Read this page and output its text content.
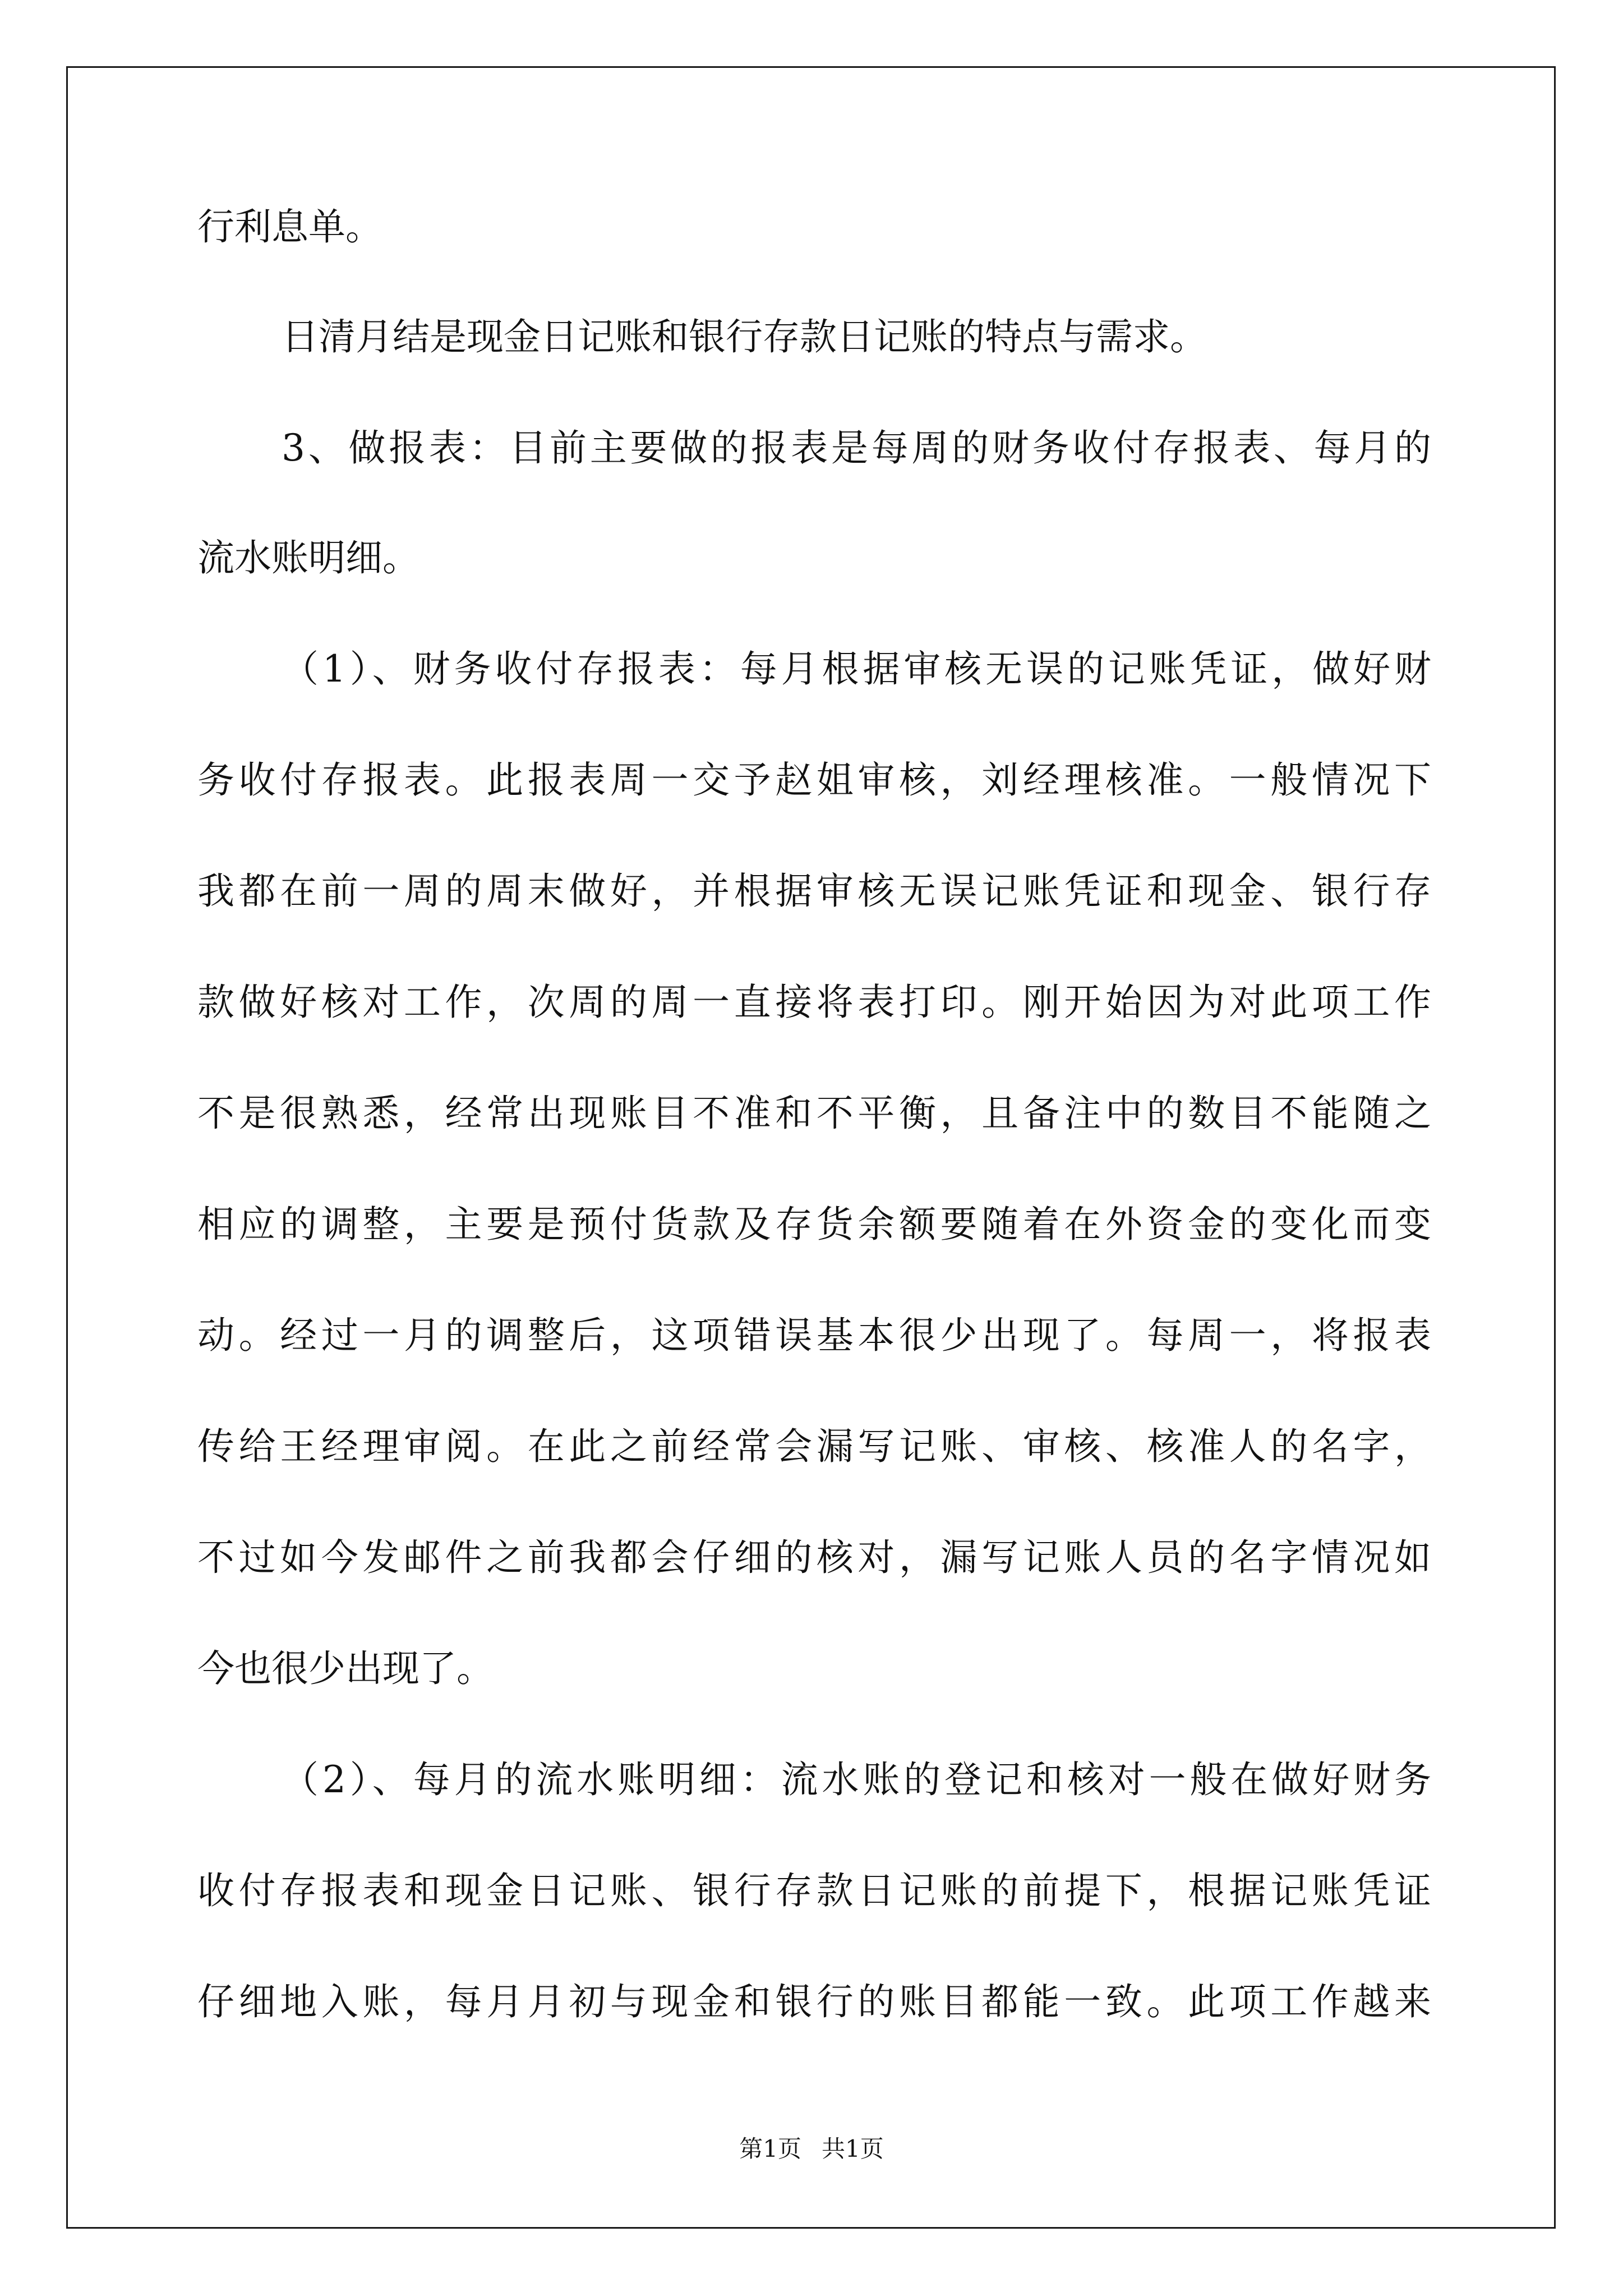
行利息单。
日清月结是现金日记账和银行存款日记账的特点与需求。
3、做报表：目前主要做的报表是每周的财务收付存报表、每月的
流水账明细。
（1）、财务收付存报表：每月根据审核无误的记账凭证，做好财
务收付存报表。此报表周一交予赵姐审核，刘经理核准。一般情况下
我都在前一周的周末做好，并根据审核无误记账凭证和现金、银行存
款做好核对工作，次周的周一直接将表打印。刚开始因为对此项工作
不是很熟悉，经常出现账目不准和不平衡，且备注中的数目不能随之
相应的调整，主要是预付货款及存货余额要随着在外资金的变化而变
动。经过一月的调整后，这项错误基本很少出现了。每周一，将报表
传给王经理审阅。在此之前经常会漏写记账、审核、核准人的名字，
不过如今发邮件之前我都会仔细的核对，漏写记账人员的名字情况如
今也很少出现了。
（2）、每月的流水账明细：流水账的登记和核对一般在做好财务
收付存报表和现金日记账、银行存款日记账的前提下，根据记账凭证
仔细地入账，每月月初与现金和银行的账目都能一致。此项工作越来
第1页 共1页
